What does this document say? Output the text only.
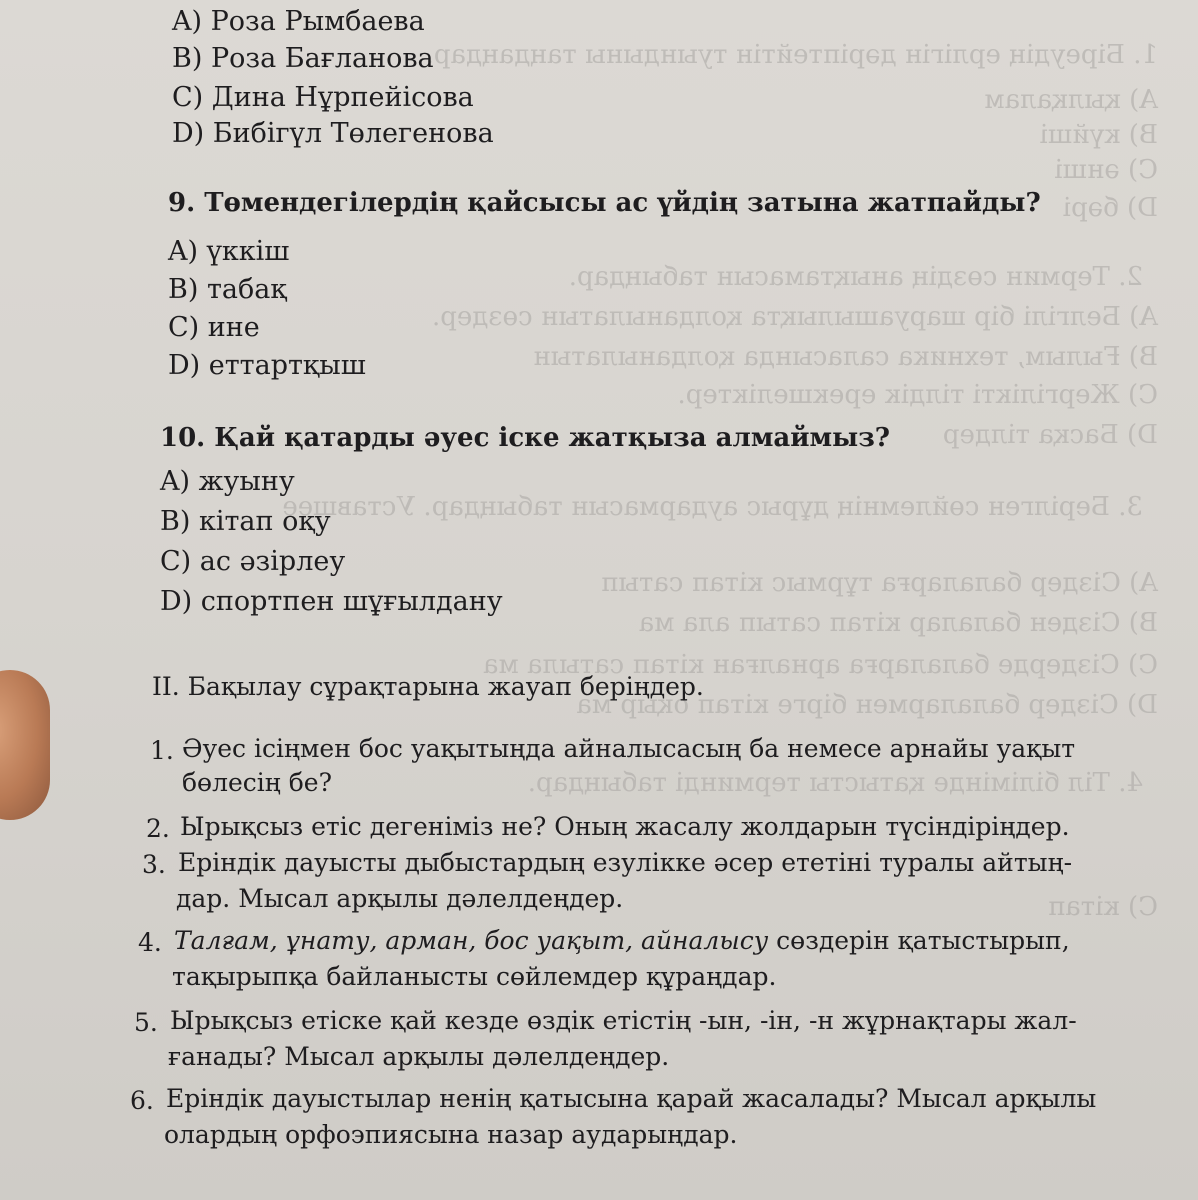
1. Біреудің ерлігін дәріптейтін туындыны таңдаңдар.
A) қылқалам
B) күйші
C) әнші
D) бәрі
2. Термин сөздің анықтамасын табыңдар.
A) Белгілі бір шаруашылықта қолданылатын сөздер.
B) Ғылым, техника саласында қолданылатын
C) Жергілікті тілдік ерекшеліктер.
D) Басқа тілдер
3. Берілген сөйлемнің дұрыс аудармасын табыңдар. Уставшее
A) Сіздер балаларға тұрмыс кітап сатып
B) Сізден балалар кітап сатып ала ма
C) Сіздерде балаларға арналған кітап сатыла ма
D) Сіздер балалармен бірге кітап оқыр ма
4. Тіл білімінде қатысты терминді табыңдар.
C) кітап
A) Роза Рымбаева
B) Роза Бағланова
C) Дина Нұрпейісова
D) Бибігүл Төлегенова
9. Төмендегілердің қайсысы ас үйдің затына жатпайды?
A) үккіш
B) табақ
C) ине
D) еттартқыш
10. Қай қатарды әуес іске жатқыза алмаймыз?
A) жуыну
B) кітап оқу
C) ас әзірлеу
D) спортпен шұғылдану
II. Бақылау сұрақтарына жауап беріңдер.
1. Әуес ісіңмен бос уақытыңда айналысасың ба немесе арнайы уақыт
бөлесің бе?
2. Ырықсыз етіс дегеніміз не? Оның жасалу жолдарын түсіндіріңдер.
3. Еріндік дауысты дыбыстардың езулікке әсер ететіні туралы айтың-
дар. Мысал арқылы дәлелдеңдер.
4. Талғам, ұнату, арман, бос уақыт, айналысу сөздерін қатыстырып,
тақырыпқа байланысты сөйлемдер құраңдар.
5. Ырықсыз етіске қай кезде өздік етістің -ын, -ін, -н жұрнақтары жал-
ғанады? Мысал арқылы дәлелдеңдер.
6. Еріндік дауыстылар ненің қатысына қарай жасалады? Мысал арқылы
олардың орфоэпиясына назар аударыңдар.
